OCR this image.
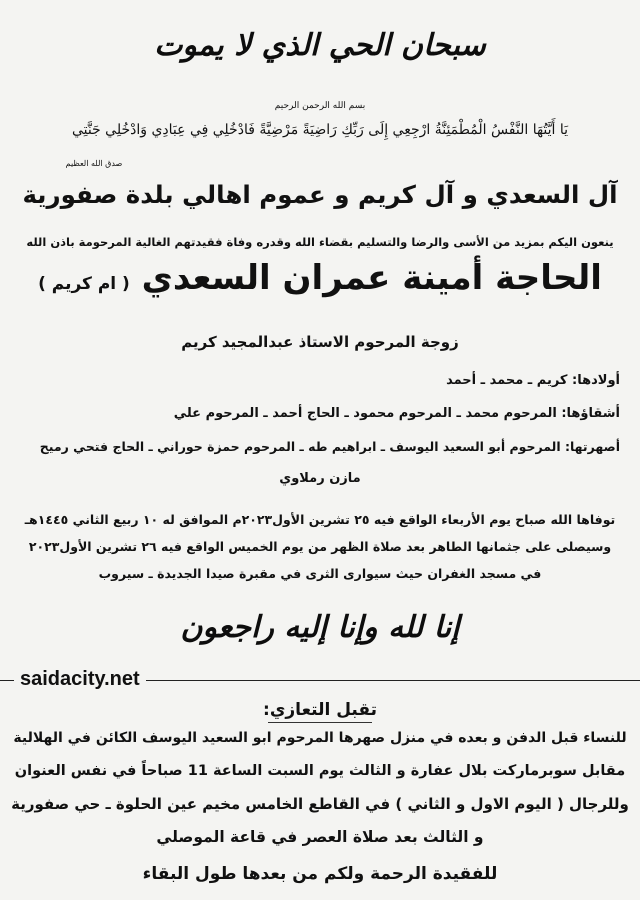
سبحان الحي الذي لا يموت
بسم الله الرحمن الرحيم
يَا أَيَّتُهَا النَّفْسُ الْمُطْمَئِنَّةُ ارْجِعِي إِلَى رَبِّكِ رَاضِيَةً مَرْضِيَّةً فَادْخُلِي فِي عِبَادِي وَادْخُلِي جَنَّتِي
صدق الله العظيم
آل السعدي و آل كريم و عموم اهالي بلدة صفورية
ينعون اليكم بمزيد من الأسى والرضا والتسليم بقضاء الله وقدره وفاة فقيدتهم الغالية المرحومة باذن الله
الحاجة أمينة عمران السعدي ( ام كريم )
زوجة المرحوم الاستاذ عبدالمجيد كريم
أولادها: كريم ـ محمد ـ أحمد
أشقاؤها: المرحوم محمد ـ المرحوم محمود ـ الحاج أحمد ـ المرحوم علي
أصهرتها: المرحوم أبو السعيد اليوسف ـ ابراهيم طه ـ المرحوم حمزة حوراني ـ الحاج فتحي رميح
مازن رملاوي
توفاها الله صباح يوم الأربعاء الواقع فيه ٢٥ تشرين الأول٢٠٢٣م الموافق له ١٠ ربيع الثاني ١٤٤٥هـ
وسيصلى على جثمانها الطاهر بعد صلاة الظهر من يوم الخميس الواقع فيه ٢٦ تشرين الأول٢٠٢٣
في مسجد الغفران حيث سيوارى الثرى في مقبرة صيدا الجديدة ـ سيروب
إنا لله وإنا إليه راجعون
saidacity.net
تقبل التعازي:
للنساء قبل الدفن و بعده في منزل صهرها المرحوم ابو السعيد اليوسف الكائن في الهلالية
مقابل سوبرماركت بلال عفارة و الثالث يوم السبت الساعة 11 صباحاً في نفس العنوان
وللرجال ( اليوم الاول و الثاني ) في القاطع الخامس مخيم عين الحلوة ـ حي صفورية
و الثالث بعد صلاة العصر في قاعة الموصلي
للفقيدة الرحمة ولكم من بعدها طول البقاء
